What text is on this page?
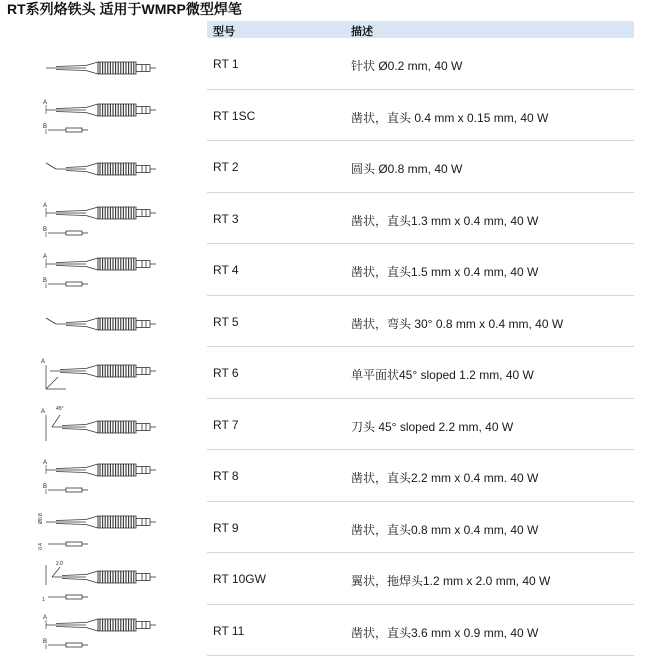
RT系列烙铁头 适用于WMRP微型焊笔
型号	描述
RT 1	针状 Ø0.2 mm, 40 W
A
B
RT 1SC	凿状，直头 0.4 mm x 0.15 mm, 40 W
RT 2	圆头 Ø0.8 mm, 40 W
A
B
RT 3	凿状，直头1.3 mm x 0.4 mm, 40 W
A
B
RT 4	凿状，直头1.5 mm x 0.4 mm, 40 W
RT 5	凿状，弯头 30° 0.8 mm x 0.4 mm, 40 W
A
RT 6	单平面状45° sloped 1.2 mm, 40 W
A 45°
RT 7	刀头 45° sloped 2.2 mm, 40 W
A
B
RT 8	凿状，直头2.2 mm x 0.4 mm. 40 W
Ø0.8
0.4
RT 9	凿状，直头0.8 mm x 0.4 mm, 40 W
2.0
1
RT 10GW	翼状，拖焊头1.2 mm x 2.0 mm, 40 W
A
B
RT 11	凿状，直头3.6 mm x 0.9 mm, 40 W
